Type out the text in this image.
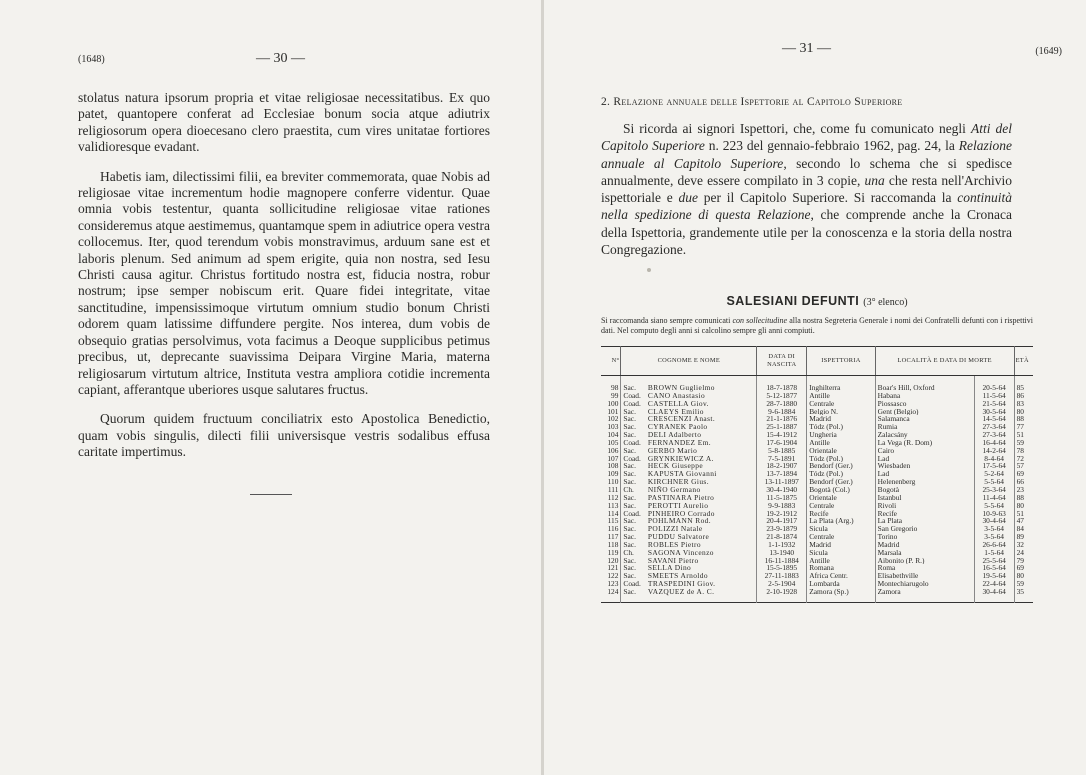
(1648)	— 30 —

stolatus natura ipsorum propria et vitae religiosae necessitatibus. Ex quo patet, quantopere conferat ad Ecclesiae bonum socia atque adiutrix religiosorum opera dioecesano clero praestita, cum vires unitatae fortiores validioresque evadant.

Habetis iam, dilectissimi filii, ea breviter commemorata, quae Nobis ad religiosae vitae incrementum hodie magnopere conferre videntur. Quae omnia vobis testentur, quanta sollicitudine religiosae vitae rationes consideremus atque aestimemus, quantamque spem in adiutrice opera vestra collocemus. Iter, quod terendum vobis monstravimus, arduum sane est et laboris plenum. Sed animum ad spem erigite, quia non nostra, sed Iesu Christi causa agitur. Christus fortitudo nostra est, fiducia nostra, robur nostrum; ipse semper nobiscum erit. Quare fidei integritate, vitae sanctitudine, impensissimoque virtutum omnium studio bonum Christi odorem quam latissime diffundere pergite. Nos interea, dum vobis de obsequio gratias persolvimus, vota facimus a Deoque supplicibus petimus precibus, ut, deprecante suavissima Deipara Virgine Maria, materna religiosarum virtutum altrice, Instituta vestra ampliora cotidie incrementa capiant, afferantque uberiores usque salutares fructus.

Quorum quidem fructuum conciliatrix esto Apostolica Benedictio, quam vobis singulis, dilecti filii universisque vestris sodalibus effusa caritate impertimus.

— 31 —	(1649)
2. Relazione annuale delle Ispettorie al Capitolo Superiore

Si ricorda ai signori Ispettori, che, come fu comunicato negli Atti del Capitolo Superiore n. 223 del gennaio-febbraio 1962, pag. 24, la Relazione annuale al Capitolo Superiore, secondo lo schema che si spedisce annualmente, deve essere compilato in 3 copie, una che resta nell'Archivio ispettoriale e due per il Capitolo Superiore. Si raccomanda la continuità nella spedizione di questa Relazione, che comprende anche la Cronaca della Ispettoria, grandemente utile per la conoscenza e la storia della nostra Congregazione.

SALESIANI DEFUNTI (3° elenco)
Si raccomanda siano sempre comunicati con sollecitudine alla nostra Segreteria Generale i nomi dei Confratelli defunti con i rispettivi dati. Nel computo degli anni si calcolino sempre gli anni compiuti.
N°	COGNOME E NOME		DATA DI NASCITA	ISPETTORIA	LOCALITÀ E DATA DI MORTE		ETÀ
98	Sac.	BROWN Guglielmo	18-7-1878	Inghilterra	Boar's Hill, Oxford	20-5-64	85
99	Coad.	CANO Anastasio	5-12-1877	Antille	Habana	11-5-64	86
100	Coad.	CASTELLA Giov.	28-7-1880	Centrale	Piossasco	21-5-64	83
101	Sac.	CLAEYS Emilio	9-6-1884	Belgio N.	Gent (Belgio)	30-5-64	80
102	Sac.	CRESCENZI Anast.	21-1-1876	Madrid	Salamanca	14-5-64	88
103	Sac.	CYRANEK Paolo	25-1-1887	Tódz (Pol.)	Rumia	27-3-64	77
104	Sac.	DELI Adalberto	15-4-1912	Ungheria	Zalacsány	27-3-64	51
105	Coad.	FERNANDEZ Em.	17-6-1904	Antille	La Vega (R. Dom)	16-4-64	59
106	Sac.	GERBO Mario	5-8-1885	Orientale	Cairo	14-2-64	78
107	Coad.	GRYNKIEWICZ A.	7-5-1891	Tódz (Pol.)	Lad	8-4-64	72
108	Sac.	HECK Giuseppe	18-2-1907	Bendorf (Ger.)	Wiesbaden	17-5-64	57
109	Sac.	KAPUSTA Giovanni	13-7-1894	Tódz (Pol.)	Lad	5-2-64	69
110	Sac.	KIRCHNER Gius.	13-11-1897	Bendorf (Ger.)	Helenenberg	5-5-64	66
111	Ch.	NIÑO Germano	30-4-1940	Bogotà (Col.)	Bogotà	25-3-64	23
112	Sac.	PASTINARA Pietro	11-5-1875	Orientale	Istanbul	11-4-64	88
113	Sac.	PEROTTI Aurelio	9-9-1883	Centrale	Rivoli	5-5-64	80
114	Coad.	PINHEIRO Corrado	19-2-1912	Recife	Recife	10-9-63	51
115	Sac.	POHLMANN Rod.	20-4-1917	La Plata (Arg.)	La Plata	30-4-64	47
116	Sac.	POLIZZI Natale	23-9-1879	Sicula	San Gregorio	3-5-64	84
117	Sac.	PUDDU Salvatore	21-8-1874	Centrale	Torino	3-5-64	89
118	Sac.	ROBLES Pietro	1-1-1932	Madrid	Madrid	26-6-64	32
119	Ch.	SAGONA Vincenzo	13-1940	Sicula	Marsala	1-5-64	24
120	Sac.	SAVANI Pietro	16-11-1884	Antille	Aibonito (P. R.)	25-5-64	79
121	Sac.	SELLA Dino	15-5-1895	Romana	Roma	16-5-64	69
122	Sac.	SMEETS Arnoldo	27-11-1883	Africa Centr.	Elisabethville	19-5-64	80
123	Coad.	TRASPEDINI Giov.	2-5-1904	Lombarda	Montechiarugolo	22-4-64	59
124	Sac.	VAZQUEZ de A. C.	2-10-1928	Zamora (Sp.)	Zamora	30-4-64	35
